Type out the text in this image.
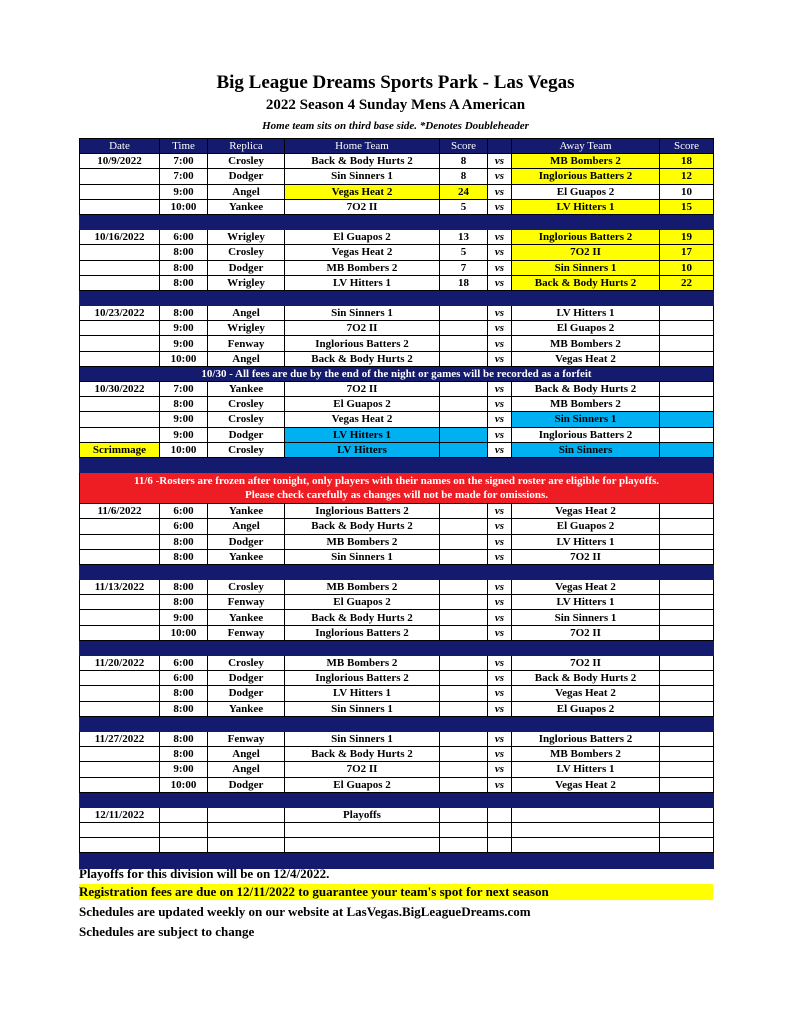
Big League Dreams Sports Park - Las Vegas
2022 Season 4 Sunday Mens A American
Home team sits on third base side. *Denotes Doubleheader
Date	Time	Replica	Home Team	Score		Away Team	Score
10/9/2022	7:00	Crosley	Back & Body Hurts 2	8	vs	MB Bombers 2	18
	7:00	Dodger	Sin Sinners 1	8	vs	Inglorious Batters 2	12
	9:00	Angel	Vegas Heat 2	24	vs	El Guapos 2	10
	10:00	Yankee	7O2 II	5	vs	LV Hitters 1	15

10/16/2022	6:00	Wrigley	El Guapos 2	13	vs	Inglorious Batters 2	19
	8:00	Crosley	Vegas Heat 2	5	vs	7O2 II	17
	8:00	Dodger	MB Bombers 2	7	vs	Sin Sinners 1	10
	8:00	Wrigley	LV Hitters 1	18	vs	Back & Body Hurts 2	22

10/23/2022	8:00	Angel	Sin Sinners 1		vs	LV Hitters 1	
	9:00	Wrigley	7O2 II		vs	El Guapos 2	
	9:00	Fenway	Inglorious Batters 2		vs	MB Bombers 2	
	10:00	Angel	Back & Body Hurts 2		vs	Vegas Heat 2	
10/30 - All fees are due by the end of the night or games will be recorded as a forfeit							
10/30/2022	7:00	Yankee	7O2 II		vs	Back & Body Hurts 2	
	8:00	Crosley	El Guapos 2		vs	MB Bombers 2	
	9:00	Crosley	Vegas Heat 2		vs	Sin Sinners 1	
	9:00	Dodger	LV Hitters 1		vs	Inglorious Batters 2	
Scrimmage	10:00	Crosley	LV Hitters		vs	Sin Sinners	

11/6 -Rosters are frozen after tonight, only players with their names on the signed roster are eligible for playoffs.
Please check carefully as changes will not be made for omissions.							

11/6/2022	6:00	Yankee	Inglorious Batters 2		vs	Vegas Heat 2	
	6:00	Angel	Back & Body Hurts 2		vs	El Guapos 2	
	8:00	Dodger	MB Bombers 2		vs	LV Hitters 1	
	8:00	Yankee	Sin Sinners 1		vs	7O2 II	

11/13/2022	8:00	Crosley	MB Bombers 2		vs	Vegas Heat 2	
	8:00	Fenway	El Guapos 2		vs	LV Hitters 1	
	9:00	Yankee	Back & Body Hurts 2		vs	Sin Sinners 1	
	10:00	Fenway	Inglorious Batters 2		vs	7O2 II	

11/20/2022	6:00	Crosley	MB Bombers 2		vs	7O2 II	
	6:00	Dodger	Inglorious Batters 2		vs	Back & Body Hurts 2	
	8:00	Dodger	LV Hitters 1		vs	Vegas Heat 2	
	8:00	Yankee	Sin Sinners 1		vs	El Guapos 2	

11/27/2022	8:00	Fenway	Sin Sinners 1		vs	Inglorious Batters 2	
	8:00	Angel	Back & Body Hurts 2		vs	MB Bombers 2	
	9:00	Angel	7O2 II		vs	LV Hitters 1	
	10:00	Dodger	El Guapos 2		vs	Vegas Heat 2	

12/11/2022			Playoffs				

Playoffs for this division will be on 12/4/2022.
Registration fees are due on 12/11/2022 to guarantee your team's spot for next season
Schedules are updated weekly on our website at LasVegas.BigLeagueDreams.com
Schedules are subject to change
